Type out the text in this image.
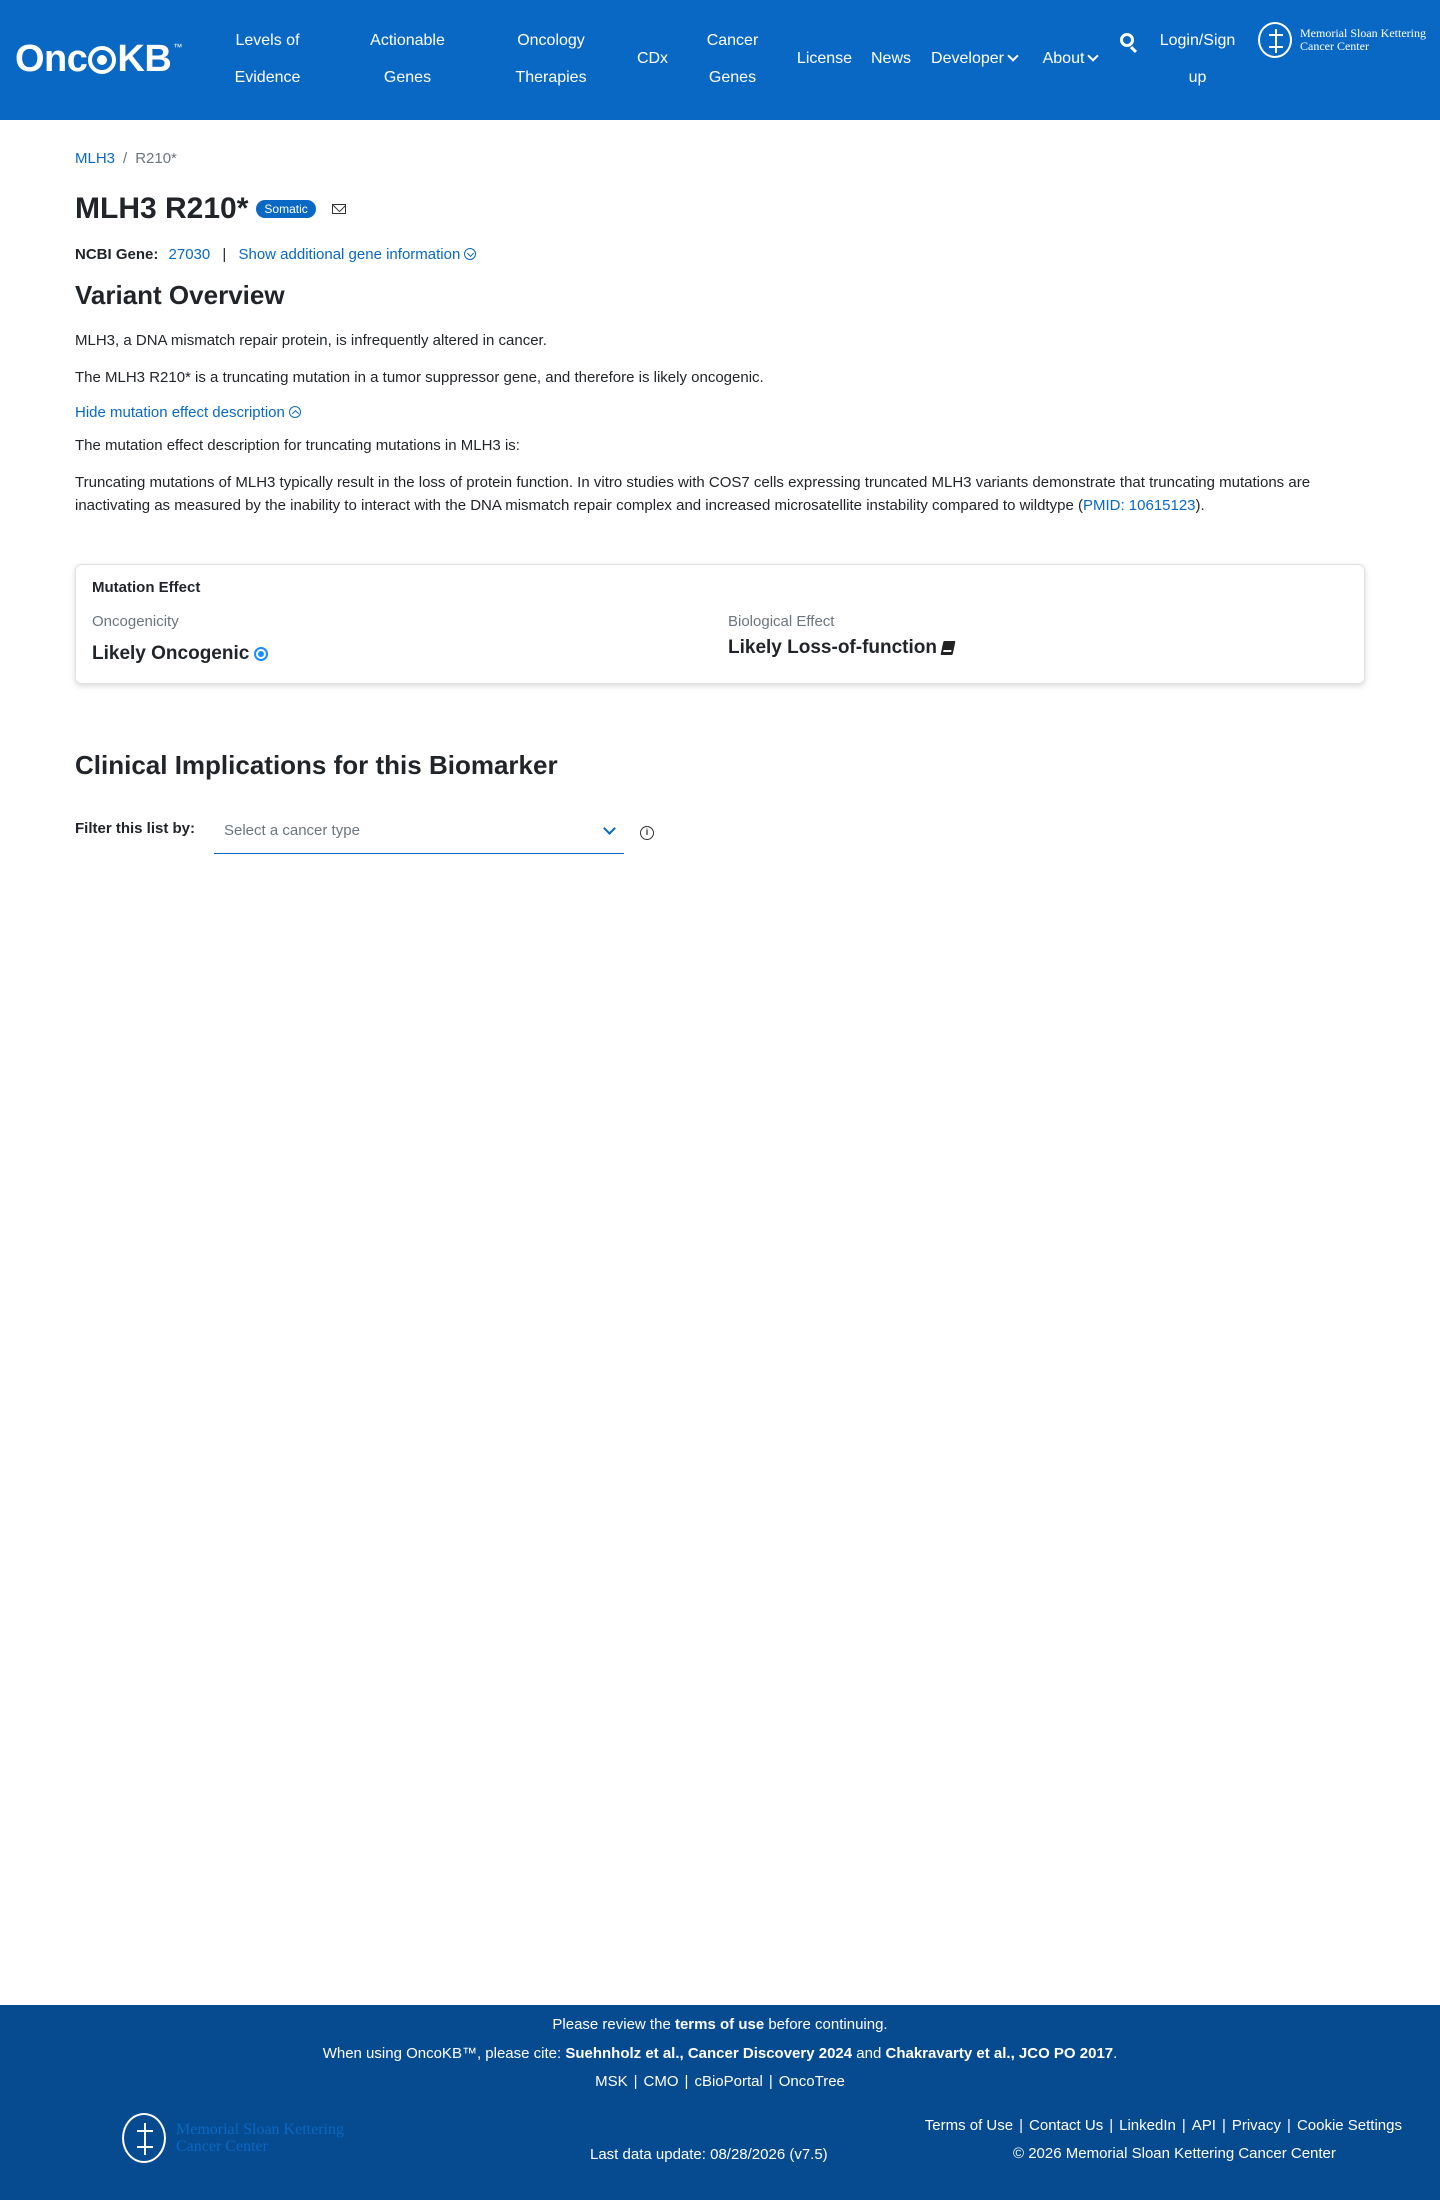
Onc KB™	Levels of
Evidence
Actionable
Genes
Oncology
Therapies
CDx
Cancer
Genes
License	News	Developer	About
Login/Sign
up
Memorial Sloan Kettering
Cancer Center
MLH3 / R210*
MLH3 R210*	Somatic
NCBI Gene: 27030 | Show additional gene information
Variant Overview

MLH3, a DNA mismatch repair protein, is infrequently altered in cancer.

The MLH3 R210* is a truncating mutation in a tumor suppressor gene, and therefore is likely oncogenic.

Hide mutation effect description

The mutation effect description for truncating mutations in MLH3 is:

Truncating mutations of MLH3 typically result in the loss of protein function. In vitro studies with COS7 cells expressing truncated MLH3 variants demonstrate that truncating mutations are inactivating as measured by the inability to interact with the DNA mismatch repair complex and increased microsatellite instability compared to wildtype (PMID: 10615123).

Mutation Effect
Oncogenicity
Likely Oncogenic
Biological Effect
Likely Loss-of-function
Clinical Implications for this Biomarker
Filter this list by: Select a cancer type	i
Please review the terms of use before continuing.
When using OncoKB™, please cite: Suehnholz et al., Cancer Discovery 2024 and Chakravarty et al., JCO PO 2017.
MSK | CMO | cBioPortal | OncoTree
Memorial Sloan Kettering
Cancer Center	Last data update: 08/28/2026 (v7.5)
Terms of Use | Contact Us | LinkedIn | API | Privacy | Cookie Settings
© 2026 Memorial Sloan Kettering Cancer Center
